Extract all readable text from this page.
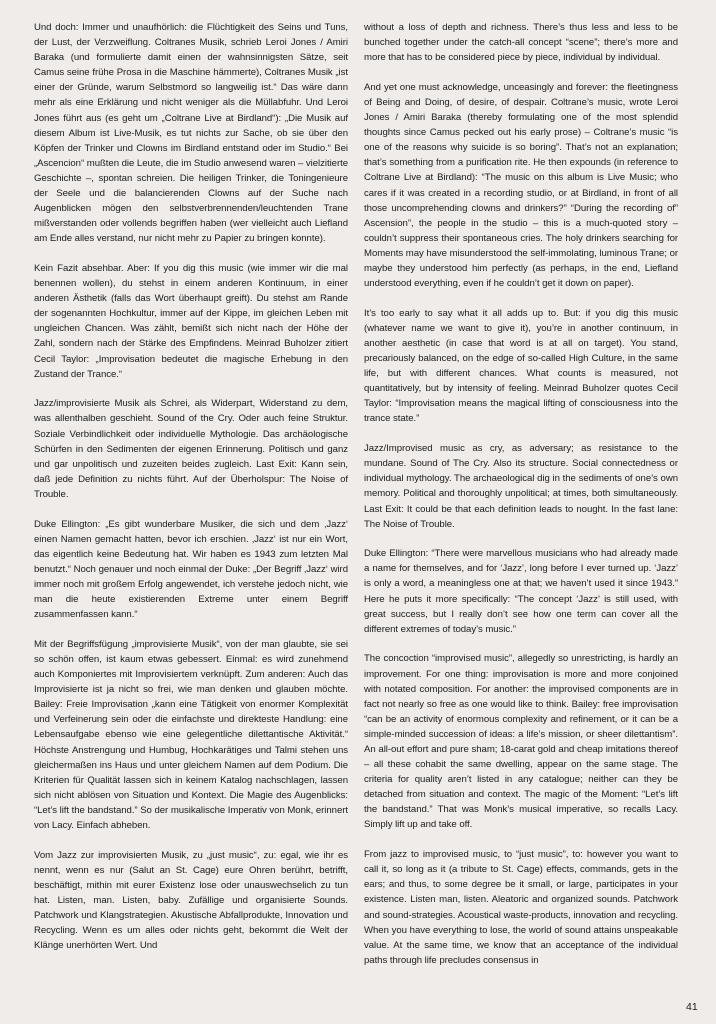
Und doch: Immer und unaufhörlich: die Flüchtigkeit des Seins und Tuns, der Lust, der Verzweiflung. Coltranes Musik, schrieb Leroi Jones / Amiri Baraka (und formulierte damit einen der wahnsinnigsten Sätze, seit Camus seine frühe Prosa in die Maschine hämmerte), Coltranes Musik „ist einer der Gründe, warum Selbstmord so langweilig ist.“ Das wäre dann mehr als eine Erklärung und nicht weniger als die Müllabfuhr. Und Leroi Jones führt aus (es geht um „Coltrane Live at Birdland“): „Die Musik auf diesem Album ist Live-Musik, es tut nichts zur Sache, ob sie über den Köpfen der Trinker und Clowns im Birdland entstand oder im Studio.“ Bei „Ascencion“ mußten die Leute, die im Studio anwesend waren – vielzitierte Geschichte –, spontan schreien. Die heiligen Trinker, die Toningenieure der Seele und die balancierenden Clowns auf der Suche nach Augenblicken mögen den selbstverbrennenden/leuchtenden Trane mißverstanden oder vollends begriffen haben (wer vielleicht auch Liefland am Ende alles verstand, nur nicht mehr zu Papier zu bringen konnte).

Kein Fazit absehbar. Aber: If you dig this music (wie immer wir die mal benennen wollen), du stehst in einem anderen Kontinuum, in einer anderen Ästhetik (falls das Wort überhaupt greift). Du stehst am Rande der sogenannten Hochkultur, immer auf der Kippe, im gleichen Leben mit ungleichen Chancen. Was zählt, bemißt sich nicht nach der Höhe der Zahl, sondern nach der Stärke des Empfindens. Meinrad Buholzer zitiert Cecil Taylor: „Improvisation bedeutet die magische Erhebung in den Zustand der Trance.“

Jazz/improvisierte Musik als Schrei, als Widerpart, Widerstand zu dem, was allenthalben geschieht. Sound of the Cry. Oder auch feine Struktur. Soziale Verbindlichkeit oder individuelle Mythologie. Das archäologische Schürfen in den Sedimenten der eigenen Erinnerung. Politisch und ganz und gar unpolitisch und zuzeiten beides zugleich. Last Exit: Kann sein, daß jede Definition zu nichts führt. Auf der Überholspur: The Noise of Trouble.

Duke Ellington: „Es gibt wunderbare Musiker, die sich und dem ‚Jazz‘ einen Namen gemacht hatten, bevor ich erschien. ‚Jazz‘ ist nur ein Wort, das eigentlich keine Bedeutung hat. Wir haben es 1943 zum letzten Mal benutzt.“ Noch genauer und noch einmal der Duke: „Der Begriff ‚Jazz‘ wird immer noch mit großem Erfolg angewendet, ich verstehe jedoch nicht, wie man die heute existierenden Extreme unter einem Begriff zusammenfassen kann.“

Mit der Begriffsfügung „improvisierte Musik“, von der man glaubte, sie sei so schön offen, ist kaum etwas gebessert. Einmal: es wird zunehmend auch Komponiertes mit Improvisiertem verknüpft. Zum anderen: Auch das Improvisierte ist ja nicht so frei, wie man denken und glauben möchte. Bailey: Freie Improvisation „kann eine Tätigkeit von enormer Komplexität und Verfeinerung sein oder die einfachste und direkteste Handlung: eine Lebensaufgabe ebenso wie eine gelegentliche dilettantische Aktivität.“ Höchste Anstrengung und Humbug, Hochkarätiges und Talmi stehen uns gleichermaßen ins Haus und unter gleichem Namen auf dem Podium. Die Kriterien für Qualität lassen sich in keinem Katalog nachschlagen, lassen sich nicht ablösen von Situation und Kontext. Die Magie des Augenblicks: “Let’s lift the bandstand.” So der musikalische Imperativ von Monk, erinnert von Lacy. Einfach abheben.

Vom Jazz zur improvisierten Musik, zu „just music“, zu: egal, wie ihr es nennt, wenn es nur (Salut an St. Cage) eure Ohren berührt, betrifft, beschäftigt, mithin mit eurer Existenz lose oder unauswechselich zu tun hat. Listen, man. Listen, baby. Zufällige und organisierte Sounds. Patchwork und Klangstrategien. Akustische Abfallprodukte, Innovation und Recycling. Wenn es um alles oder nichts geht, bekommt die Welt der Klänge unerhörten Wert. Und

without a loss of depth and richness. There’s thus less and less to be bunched together under the catch-all concept “scene”; there’s more and more that has to be considered piece by piece, individual by individual.

And yet one must acknowledge, unceasingly and forever: the fleetingness of Being and Doing, of desire, of despair. Coltrane’s music, wrote Leroi Jones / Amiri Baraka (thereby formulating one of the most splendid thoughts since Camus pecked out his early prose) – Coltrane’s music “is one of the reasons why suicide is so boring”. That’s not an explanation; that’s something from a purification rite. He then expounds (in reference to Coltrane Live at Birdland): “The music on this album is Live Music; who cares if it was created in a recording studio, or at Birdland, in front of all those uncomprehending clowns and drinkers?” “During the recording of” Ascension”, the people in the studio – this is a much-quoted story – couldn’t suppress their spontaneous cries. The holy drinkers searching for Moments may have misunderstood the self-immolating, luminous Trane; or maybe they understood him perfectly (as perhaps, in the end, Liefland understood everything, even if he couldn’t get it down on paper).

It’s too early to say what it all adds up to. But: if you dig this music (whatever name we want to give it), you’re in another continuum, in another aesthetic (in case that word is at all on target). You stand, precariously balanced, on the edge of so-called High Culture, in the same life, but with different chances. What counts is measured, not quantitatively, but by intensity of feeling. Meinrad Buholzer quotes Cecil Taylor: “Improvisation means the magical lifting of consciousness into the trance state.”

Jazz/Improvised music as cry, as adversary; as resistance to the mundane. Sound of The Cry. Also its structure. Social connectedness or individual mythology. The archaeological dig in the sediments of one’s own memory. Political and thoroughly unpolitical; at times, both simultaneously. Last Exit: It could be that each definition leads to nought. In the fast lane: The Noise of Trouble.

Duke Ellington: “There were marvellous musicians who had already made a name for themselves, and for ‘Jazz’, long before I ever turned up. ‘Jazz’ is only a word, a meaningless one at that; we haven’t used it since 1943.” Here he puts it more specifically: “The concept ‘Jazz’ is still used, with great success, but I really don’t see how one term can cover all the different extremes of today’s music.”

The concoction “improvised music”, allegedly so unrestricting, is hardly an improvement. For one thing: improvisation is more and more conjoined with notated composition. For another: the improvised components are in fact not nearly so free as one would like to think. Bailey: free improvisation “can be an activity of enormous complexity and refinement, or it can be a simple-minded succession of ideas: a life’s mission, or sheer dilettantism”. An all-out effort and pure sham; 18-carat gold and cheap imitations thereof – all these cohabit the same dwelling, appear on the same stage. The criteria for quality aren’t listed in any catalogue; neither can they be detached from situation and context. The magic of the Moment: “Let’s lift the bandstand.” That was Monk’s musical imperative, so recalls Lacy. Simply lift up and take off.

From jazz to improvised music, to “just music”, to: however you want to call it, so long as it (a tribute to St. Cage) effects, commands, gets in the ears; and thus, to some degree be it small, or large, participates in your existence. Listen man, listen. Aleatoric and organized sounds. Patchwork and sound-strategies. Acoustical waste-products, innovation and recycling. When you have everything to lose, the world of sound attains unspeakable value. At the same time, we know that an acceptance of the individual paths through life precludes consensus in

41
